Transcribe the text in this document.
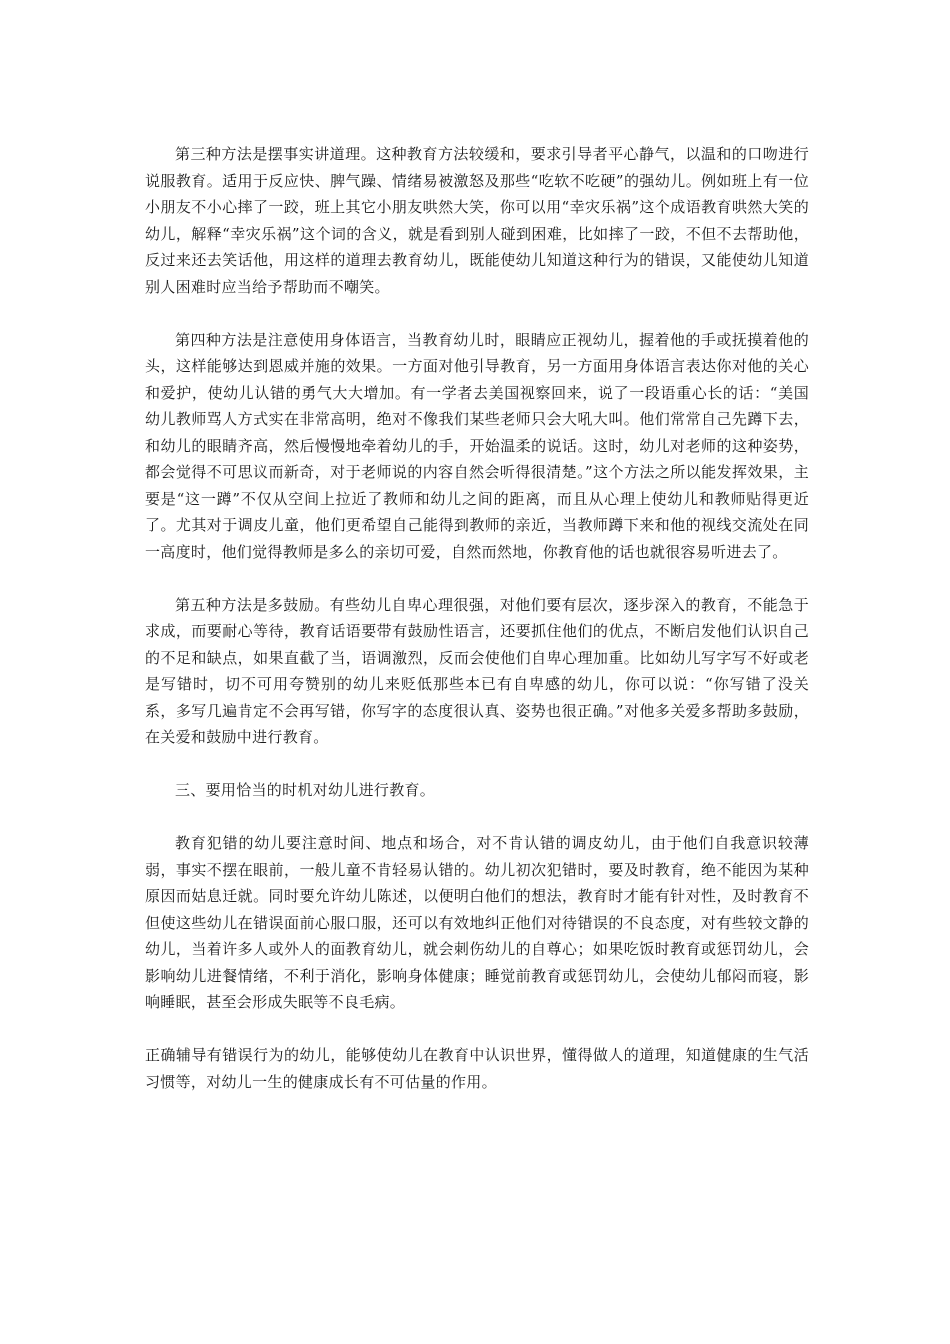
第三种方法是摆事实讲道理。这种教育方法较缓和，要求引导者平心静气，以温和的口吻进行说服教育。适用于反应快、脾气躁、情绪易被激怒及那些“吃软不吃硬”的强幼儿。例如班上有一位小朋友不小心摔了一跤，班上其它小朋友哄然大笑，你可以用“幸灾乐祸”这个成语教育哄然大笑的幼儿，解释“幸灾乐祸”这个词的含义，就是看到别人碰到困难，比如摔了一跤，不但不去帮助他，反过来还去笑话他，用这样的道理去教育幼儿，既能使幼儿知道这种行为的错误，又能使幼儿知道别人困难时应当给予帮助而不嘲笑。

第四种方法是注意使用身体语言，当教育幼儿时，眼睛应正视幼儿，握着他的手或抚摸着他的头，这样能够达到恩威并施的效果。一方面对他引导教育，另一方面用身体语言表达你对他的关心和爱护，使幼儿认错的勇气大大增加。有一学者去美国视察回来，说了一段语重心长的话：“美国幼儿教师骂人方式实在非常高明，绝对不像我们某些老师只会大吼大叫。他们常常自己先蹲下去，和幼儿的眼睛齐高，然后慢慢地牵着幼儿的手，开始温柔的说话。这时，幼儿对老师的这种姿势，都会觉得不可思议而新奇，对于老师说的内容自然会听得很清楚。”这个方法之所以能发挥效果，主要是“这一蹲”不仅从空间上拉近了教师和幼儿之间的距离，而且从心理上使幼儿和教师贴得更近了。尤其对于调皮儿童，他们更希望自己能得到教师的亲近，当教师蹲下来和他的视线交流处在同一高度时，他们觉得教师是多么的亲切可爱，自然而然地，你教育他的话也就很容易听进去了。

第五种方法是多鼓励。有些幼儿自卑心理很强，对他们要有层次，逐步深入的教育，不能急于求成，而要耐心等待，教育话语要带有鼓励性语言，还要抓住他们的优点，不断启发他们认识自己的不足和缺点，如果直截了当，语调激烈，反而会使他们自卑心理加重。比如幼儿写字写不好或老是写错时，切不可用夸赞别的幼儿来贬低那些本已有自卑感的幼儿，你可以说：“你写错了没关系，多写几遍肯定不会再写错，你写字的态度很认真、姿势也很正确。”对他多关爱多帮助多鼓励，在关爱和鼓励中进行教育。

三、要用恰当的时机对幼儿进行教育。

教育犯错的幼儿要注意时间、地点和场合，对不肯认错的调皮幼儿，由于他们自我意识较薄弱，事实不摆在眼前，一般儿童不肯轻易认错的。幼儿初次犯错时，要及时教育，绝不能因为某种原因而姑息迁就。同时要允许幼儿陈述，以便明白他们的想法，教育时才能有针对性，及时教育不但使这些幼儿在错误面前心服口服，还可以有效地纠正他们对待错误的不良态度，对有些较文静的幼儿，当着许多人或外人的面教育幼儿，就会刺伤幼儿的自尊心；如果吃饭时教育或惩罚幼儿，会影响幼儿进餐情绪，不利于消化，影响身体健康；睡觉前教育或惩罚幼儿，会使幼儿郁闷而寝，影响睡眠，甚至会形成失眠等不良毛病。

正确辅导有错误行为的幼儿，能够使幼儿在教育中认识世界，懂得做人的道理，知道健康的生气活习惯等，对幼儿一生的健康成长有不可估量的作用。
